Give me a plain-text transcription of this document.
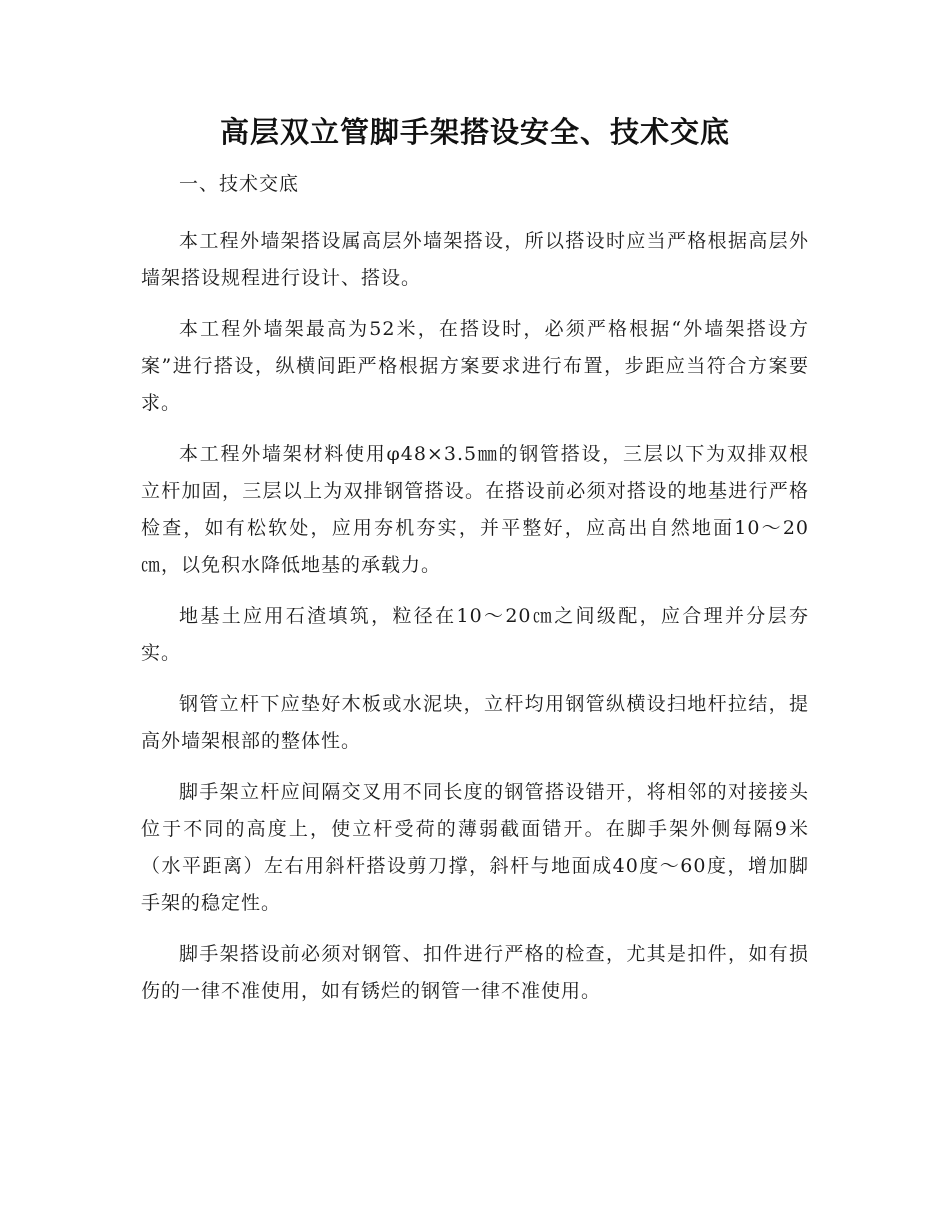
高层双立管脚手架搭设安全、技术交底

一、技术交底

本工程外墙架搭设属高层外墙架搭设，所以搭设时应当严格根据高层外墙架搭设规程进行设计、搭设。

本工程外墙架最高为52米，在搭设时，必须严格根据“外墙架搭设方案”进行搭设，纵横间距严格根据方案要求进行布置，步距应当符合方案要求。

本工程外墙架材料使用φ48×3.5㎜的钢管搭设，三层以下为双排双根立杆加固，三层以上为双排钢管搭设。在搭设前必须对搭设的地基进行严格检查，如有松软处，应用夯机夯实，并平整好，应高出自然地面10～20㎝，以免积水降低地基的承载力。

地基土应用石渣填筑，粒径在10～20㎝之间级配，应合理并分层夯实。

钢管立杆下应垫好木板或水泥块，立杆均用钢管纵横设扫地杆拉结，提高外墙架根部的整体性。

脚手架立杆应间隔交叉用不同长度的钢管搭设错开，将相邻的对接接头位于不同的高度上，使立杆受荷的薄弱截面错开。在脚手架外侧每隔9米（水平距离）左右用斜杆搭设剪刀撑，斜杆与地面成40度～60度，增加脚手架的稳定性。

脚手架搭设前必须对钢管、扣件进行严格的检查，尤其是扣件，如有损伤的一律不准使用，如有锈烂的钢管一律不准使用。
